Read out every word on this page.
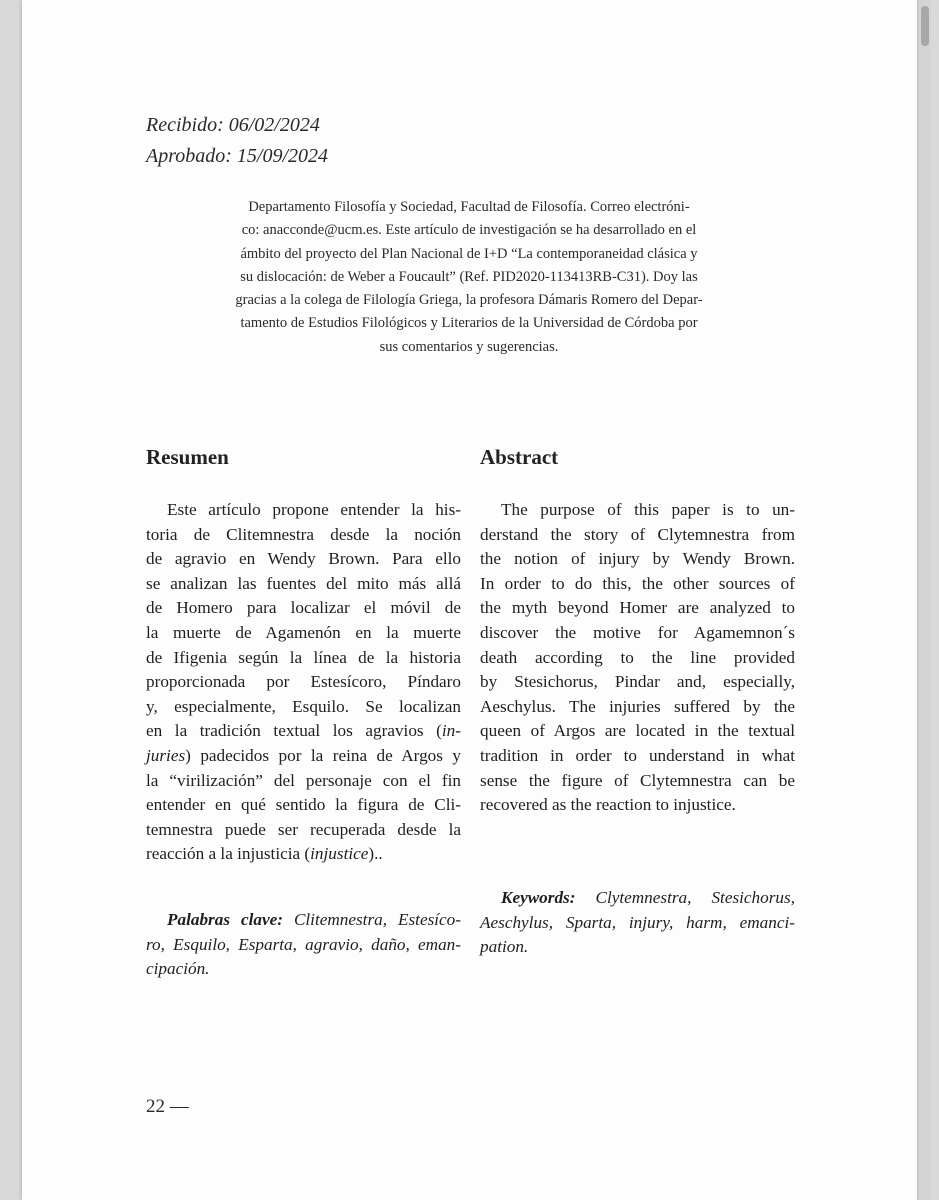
Recibido: 06/02/2024
Aprobado: 15/09/2024
Departamento Filosofía y Sociedad, Facultad de Filosofía. Correo electróni-
co: anacconde@ucm.es. Este artículo de investigación se ha desarrollado en el
ámbito del proyecto del Plan Nacional de I+D “La contemporaneidad clásica y
su dislocación: de Weber a Foucault” (Ref. PID2020-113413RB-C31). Doy las
gracias a la colega de Filología Griega, la profesora Dámaris Romero del Depar-
tamento de Estudios Filológicos y Literarios de la Universidad de Córdoba por
sus comentarios y sugerencias.
Resumen
Este artículo propone entender la his-
toria de Clitemnestra desde la noción
de agravio en Wendy Brown. Para ello
se analizan las fuentes del mito más allá
de Homero para localizar el móvil de
la muerte de Agamenón en la muerte
de Ifigenia según la línea de la historia
proporcionada por Estesícoro, Píndaro
y, especialmente, Esquilo. Se localizan
en la tradición textual los agravios (in-
juries) padecidos por la reina de Argos y
la “virilización” del personaje con el fin
entender en qué sentido la figura de Cli-
temnestra puede ser recuperada desde la
reacción a la injusticia (injustice)..
Palabras clave: Clitemnestra, Estesíco-
ro, Esquilo, Esparta, agravio, daño, eman-
cipación.
Abstract
The purpose of this paper is to un-
derstand the story of Clytemnestra from
the notion of injury by Wendy Brown.
In order to do this, the other sources of
the myth beyond Homer are analyzed to
discover the motive for Agamemnon´s
death according to the line provided
by Stesichorus, Pindar and, especially,
Aeschylus. The injuries suffered by the
queen of Argos are located in the textual
tradition in order to understand in what
sense the figure of Clytemnestra can be
recovered as the reaction to injustice.
Keywords: Clytemnestra, Stesichorus,
Aeschylus, Sparta, injury, harm, emanci-
pation.
22 —
